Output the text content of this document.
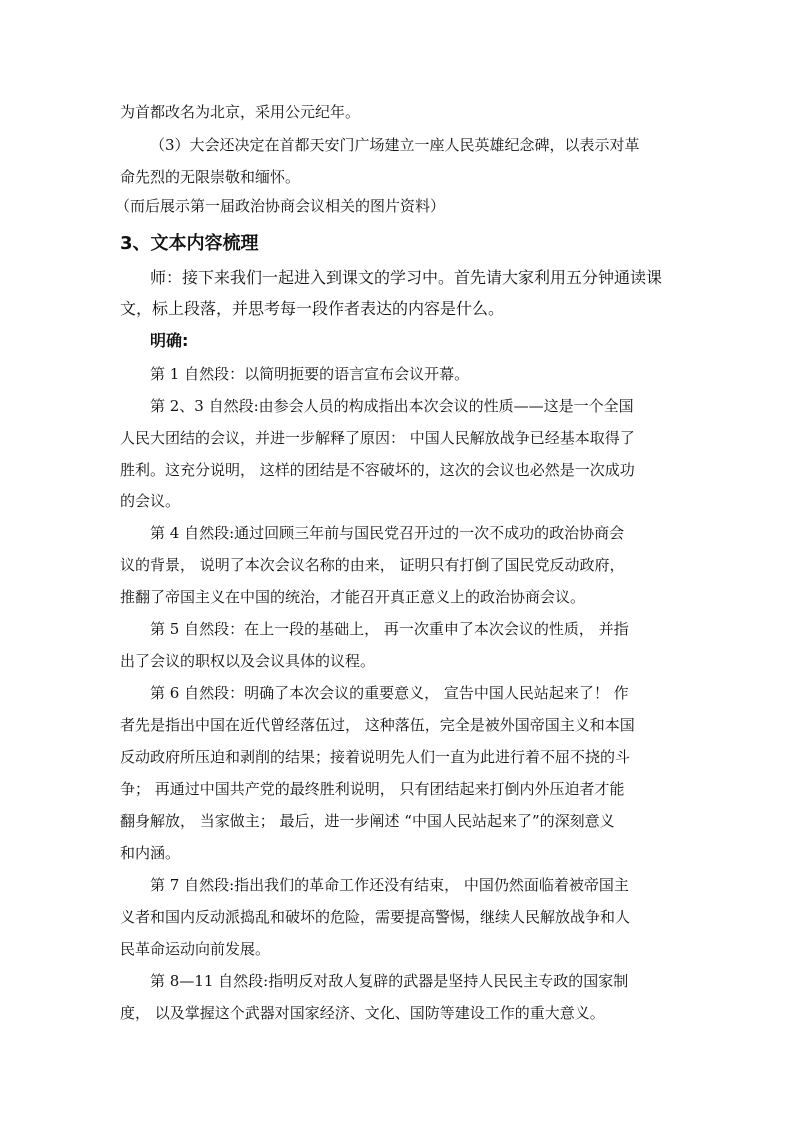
为首都改名为北京，采用公元纪年。
（3）大会还决定在首都天安门广场建立一座人民英雄纪念碑，以表示对革
命先烈的无限崇敬和缅怀。
（而后展示第一届政治协商会议相关的图片资料）
3、文本内容梳理
师：接下来我们一起进入到课文的学习中。首先请大家利用五分钟通读课
文，标上段落，并思考每一段作者表达的内容是什么。
明确:
第 1 自然段：以简明扼要的语言宣布会议开幕。
第 2、3 自然段:由参会人员的构成指出本次会议的性质——这是一个全国
人民大团结的会议，并进一步解释了原因： 中国人民解放战争已经基本取得了
胜利。这充分说明， 这样的团结是不容破坏的，这次的会议也必然是一次成功
的会议。
第 4 自然段:通过回顾三年前与国民党召开过的一次不成功的政治协商会
议的背景， 说明了本次会议名称的由来， 证明只有打倒了国民党反动政府，
推翻了帝国主义在中国的统治，才能召开真正意义上的政治协商会议。
第 5 自然段：在上一段的基础上， 再一次重申了本次会议的性质， 并指
出了会议的职权以及会议具体的议程。
第 6 自然段：明确了本次会议的重要意义， 宣告中国人民站起来了！ 作
者先是指出中国在近代曾经落伍过， 这种落伍，完全是被外国帝国主义和本国
反动政府所压迫和剥削的结果；接着说明先人们一直为此进行着不屈不挠的斗
争； 再通过中国共产党的最终胜利说明， 只有团结起来打倒内外压迫者才能
翻身解放， 当家做主； 最后，进一步阐述 “中国人民站起来了”的深刻意义
和内涵。
第 7 自然段:指出我们的革命工作还没有结束， 中国仍然面临着被帝国主
义者和国内反动派捣乱和破坏的危险，需要提高警惕，继续人民解放战争和人
民革命运动向前发展。
第 8—11 自然段:指明反对敌人复辟的武器是坚持人民民主专政的国家制
度， 以及掌握这个武器对国家经济、文化、国防等建设工作的重大意义。
